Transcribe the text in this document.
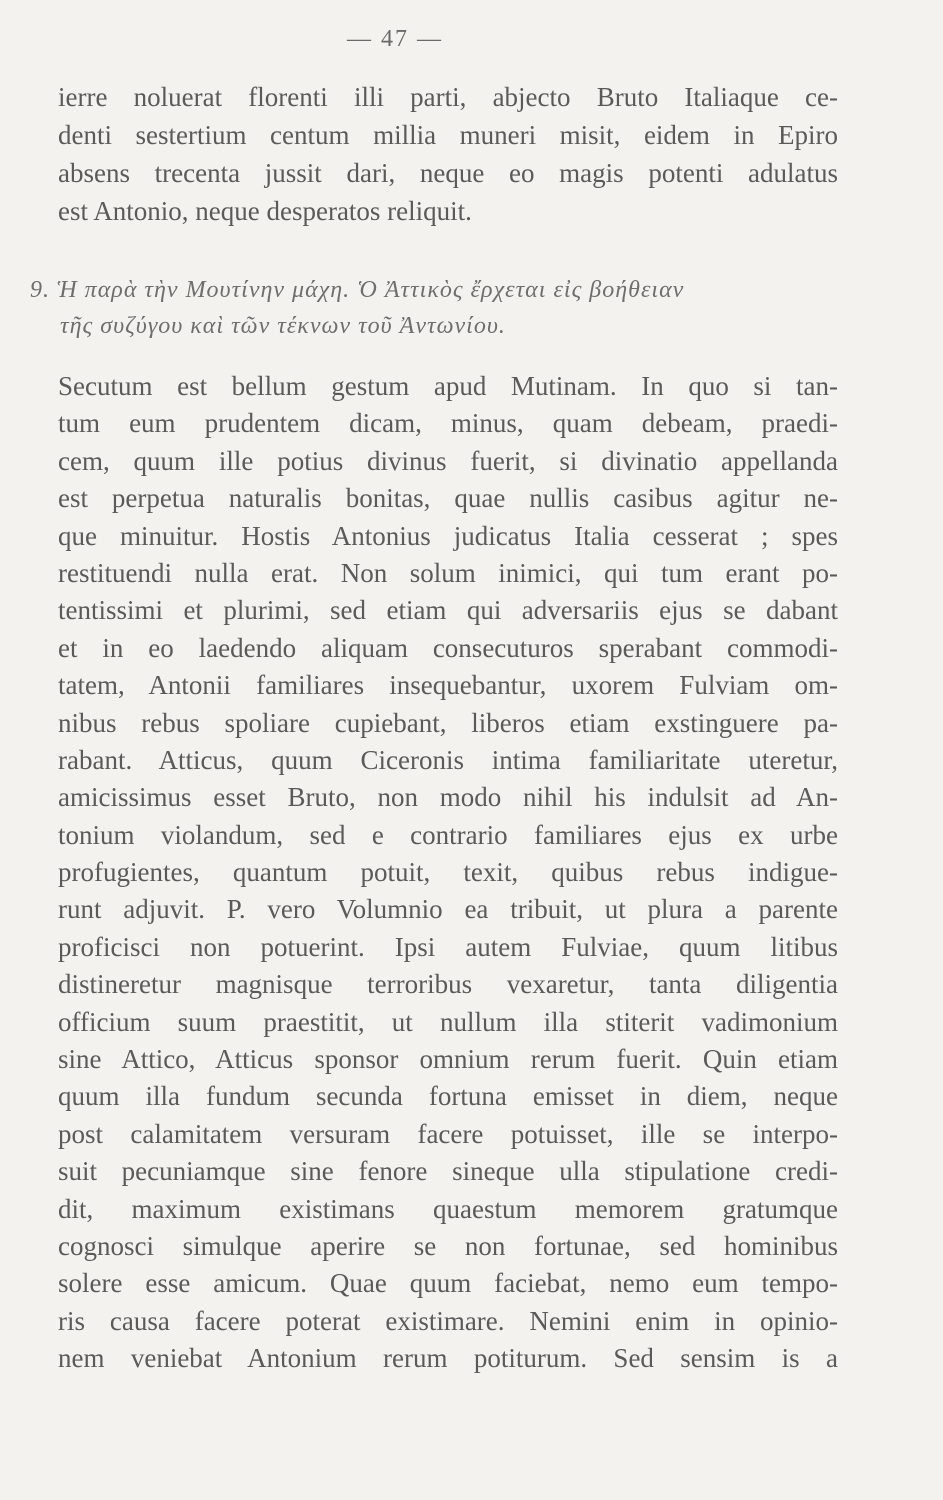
— 47 —
ierre noluerat florenti illi parti, abjecto Bruto Italiaque ce-
denti sestertium centum millia muneri misit, eidem in Epiro
absens trecenta jussit dari, neque eo magis potenti adulatus
est Antonio, neque desperatos reliquit.
9. Ἡ παρὰ τὴν Μουτίνην μάχη. Ὁ Ἀττικὸς ἔρχεται εἰς βοήθειαν
τῆς συζύγου καὶ τῶν τέκνων τοῦ Ἀντωνίου.
Secutum est bellum gestum apud Mutinam. In quo si tan-
tum eum prudentem dicam, minus, quam debeam, praedi-
cem, quum ille potius divinus fuerit, si divinatio appellanda
est perpetua naturalis bonitas, quae nullis casibus agitur ne-
que minuitur. Hostis Antonius judicatus Italia cesserat ; spes
restituendi nulla erat. Non solum inimici, qui tum erant po-
tentissimi et plurimi, sed etiam qui adversariis ejus se dabant
et in eo laedendo aliquam consecuturos sperabant commodi-
tatem, Antonii familiares insequebantur, uxorem Fulviam om-
nibus rebus spoliare cupiebant, liberos etiam exstinguere pa-
rabant. Atticus, quum Ciceronis intima familiaritate uteretur,
amicissimus esset Bruto, non modo nihil his indulsit ad An-
tonium violandum, sed e contrario familiares ejus ex urbe
profugientes, quantum potuit, texit, quibus rebus indigue-
runt adjuvit. P. vero Volumnio ea tribuit, ut plura a parente
proficisci non potuerint. Ipsi autem Fulviae, quum litibus
distineretur magnisque terroribus vexaretur, tanta diligentia
officium suum praestitit, ut nullum illa stiterit vadimonium
sine Attico, Atticus sponsor omnium rerum fuerit. Quin etiam
quum illa fundum secunda fortuna emisset in diem, neque
post calamitatem versuram facere potuisset, ille se interpo-
suit pecuniamque sine fenore sineque ulla stipulatione credi-
dit, maximum existimans quaestum memorem gratumque
cognosci simulque aperire se non fortunae, sed hominibus
solere esse amicum. Quae quum faciebat, nemo eum tempo-
ris causa facere poterat existimare. Nemini enim in opinio-
nem veniebat Antonium rerum potiturum. Sed sensim is a
